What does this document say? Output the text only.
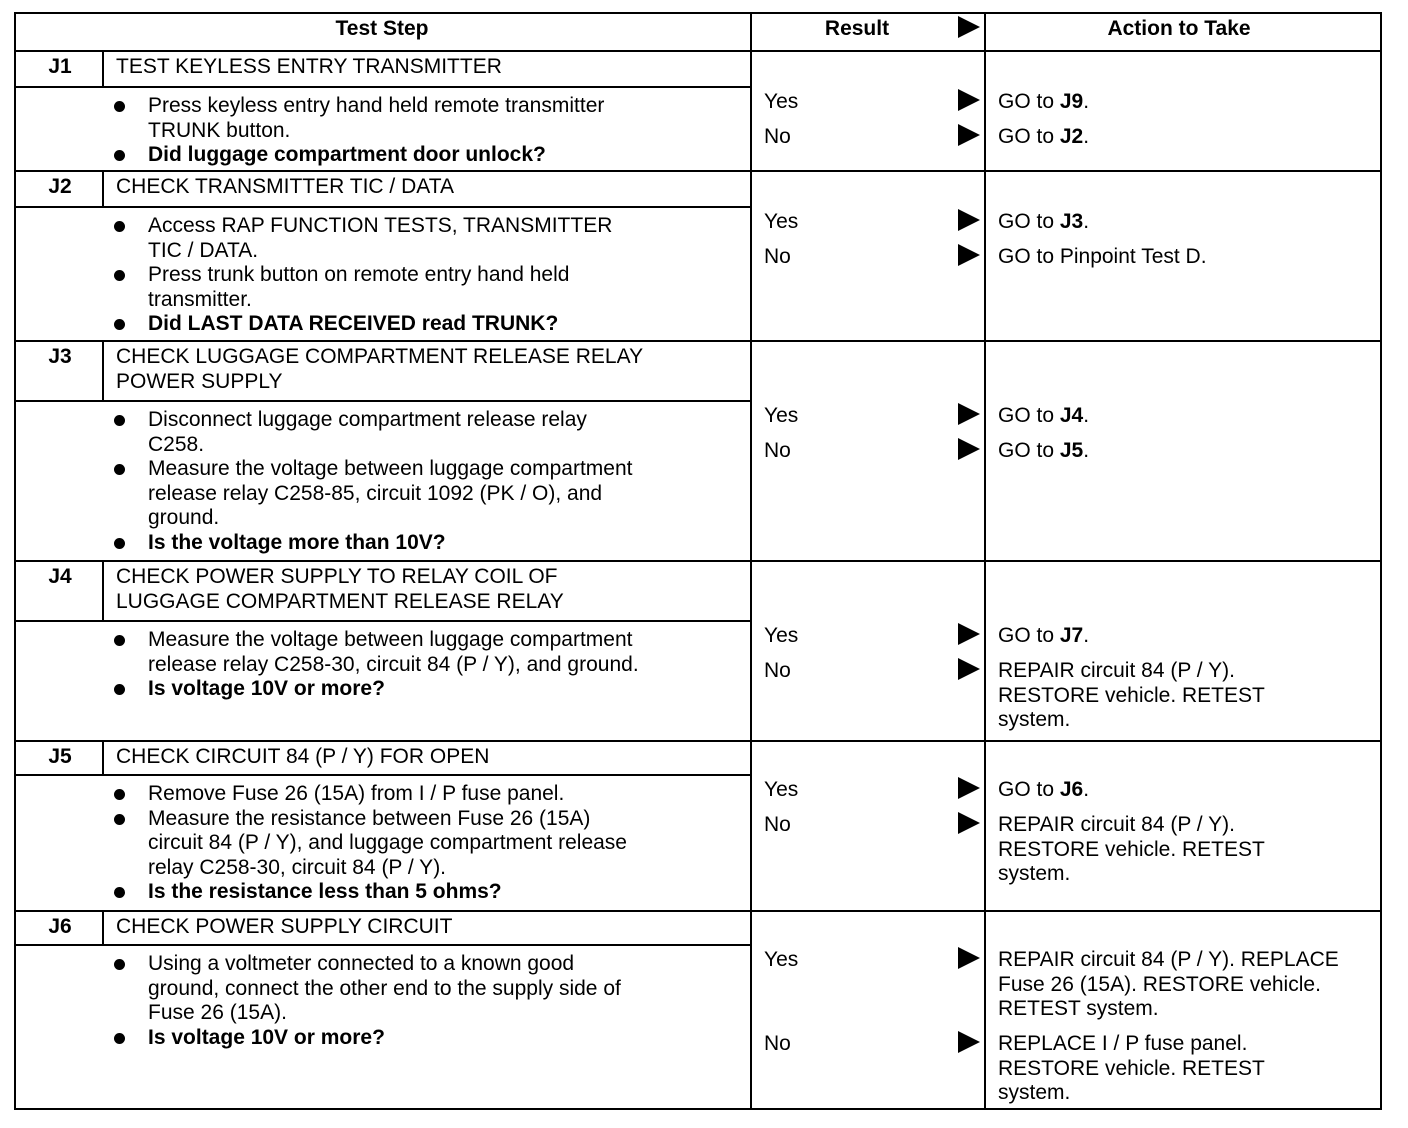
Test Step	Result	Action to Take
J1	TEST KEYLESS ENTRY TRANSMITTER
Press keyless entry hand held remote transmitter
TRUNK button.
Did luggage compartment door unlock?
Yes	GO to J9.
No	GO to J2.
J2	CHECK TRANSMITTER TIC / DATA
Access RAP FUNCTION TESTS, TRANSMITTER
TIC / DATA.
Press trunk button on remote entry hand held
transmitter.
Did LAST DATA RECEIVED read TRUNK?
Yes	GO to J3.
No	GO to Pinpoint Test D.
J3	CHECK LUGGAGE COMPARTMENT RELEASE RELAY
POWER SUPPLY
Disconnect luggage compartment release relay
C258.
Measure the voltage between luggage compartment
release relay C258-85, circuit 1092 (PK / O), and
ground.
Is the voltage more than 10V?
Yes	GO to J4.
No	GO to J5.
J4	CHECK POWER SUPPLY TO RELAY COIL OF
LUGGAGE COMPARTMENT RELEASE RELAY
Measure the voltage between luggage compartment
release relay C258-30, circuit 84 (P / Y), and ground.
Is voltage 10V or more?
Yes	GO to J7.
No	REPAIR circuit 84 (P / Y).
RESTORE vehicle. RETEST
system.
J5	CHECK CIRCUIT 84 (P / Y) FOR OPEN
Remove Fuse 26 (15A) from I / P fuse panel.
Measure the resistance between Fuse 26 (15A)
circuit 84 (P / Y), and luggage compartment release
relay C258-30, circuit 84 (P / Y).
Is the resistance less than 5 ohms?
Yes	GO to J6.
No	REPAIR circuit 84 (P / Y).
RESTORE vehicle. RETEST
system.
J6	CHECK POWER SUPPLY CIRCUIT
Using a voltmeter connected to a known good
ground, connect the other end to the supply side of
Fuse 26 (15A).
Is voltage 10V or more?
Yes	REPAIR circuit 84 (P / Y). REPLACE
Fuse 26 (15A). RESTORE vehicle.
RETEST system.
No	REPLACE I / P fuse panel.
RESTORE vehicle. RETEST
system.
